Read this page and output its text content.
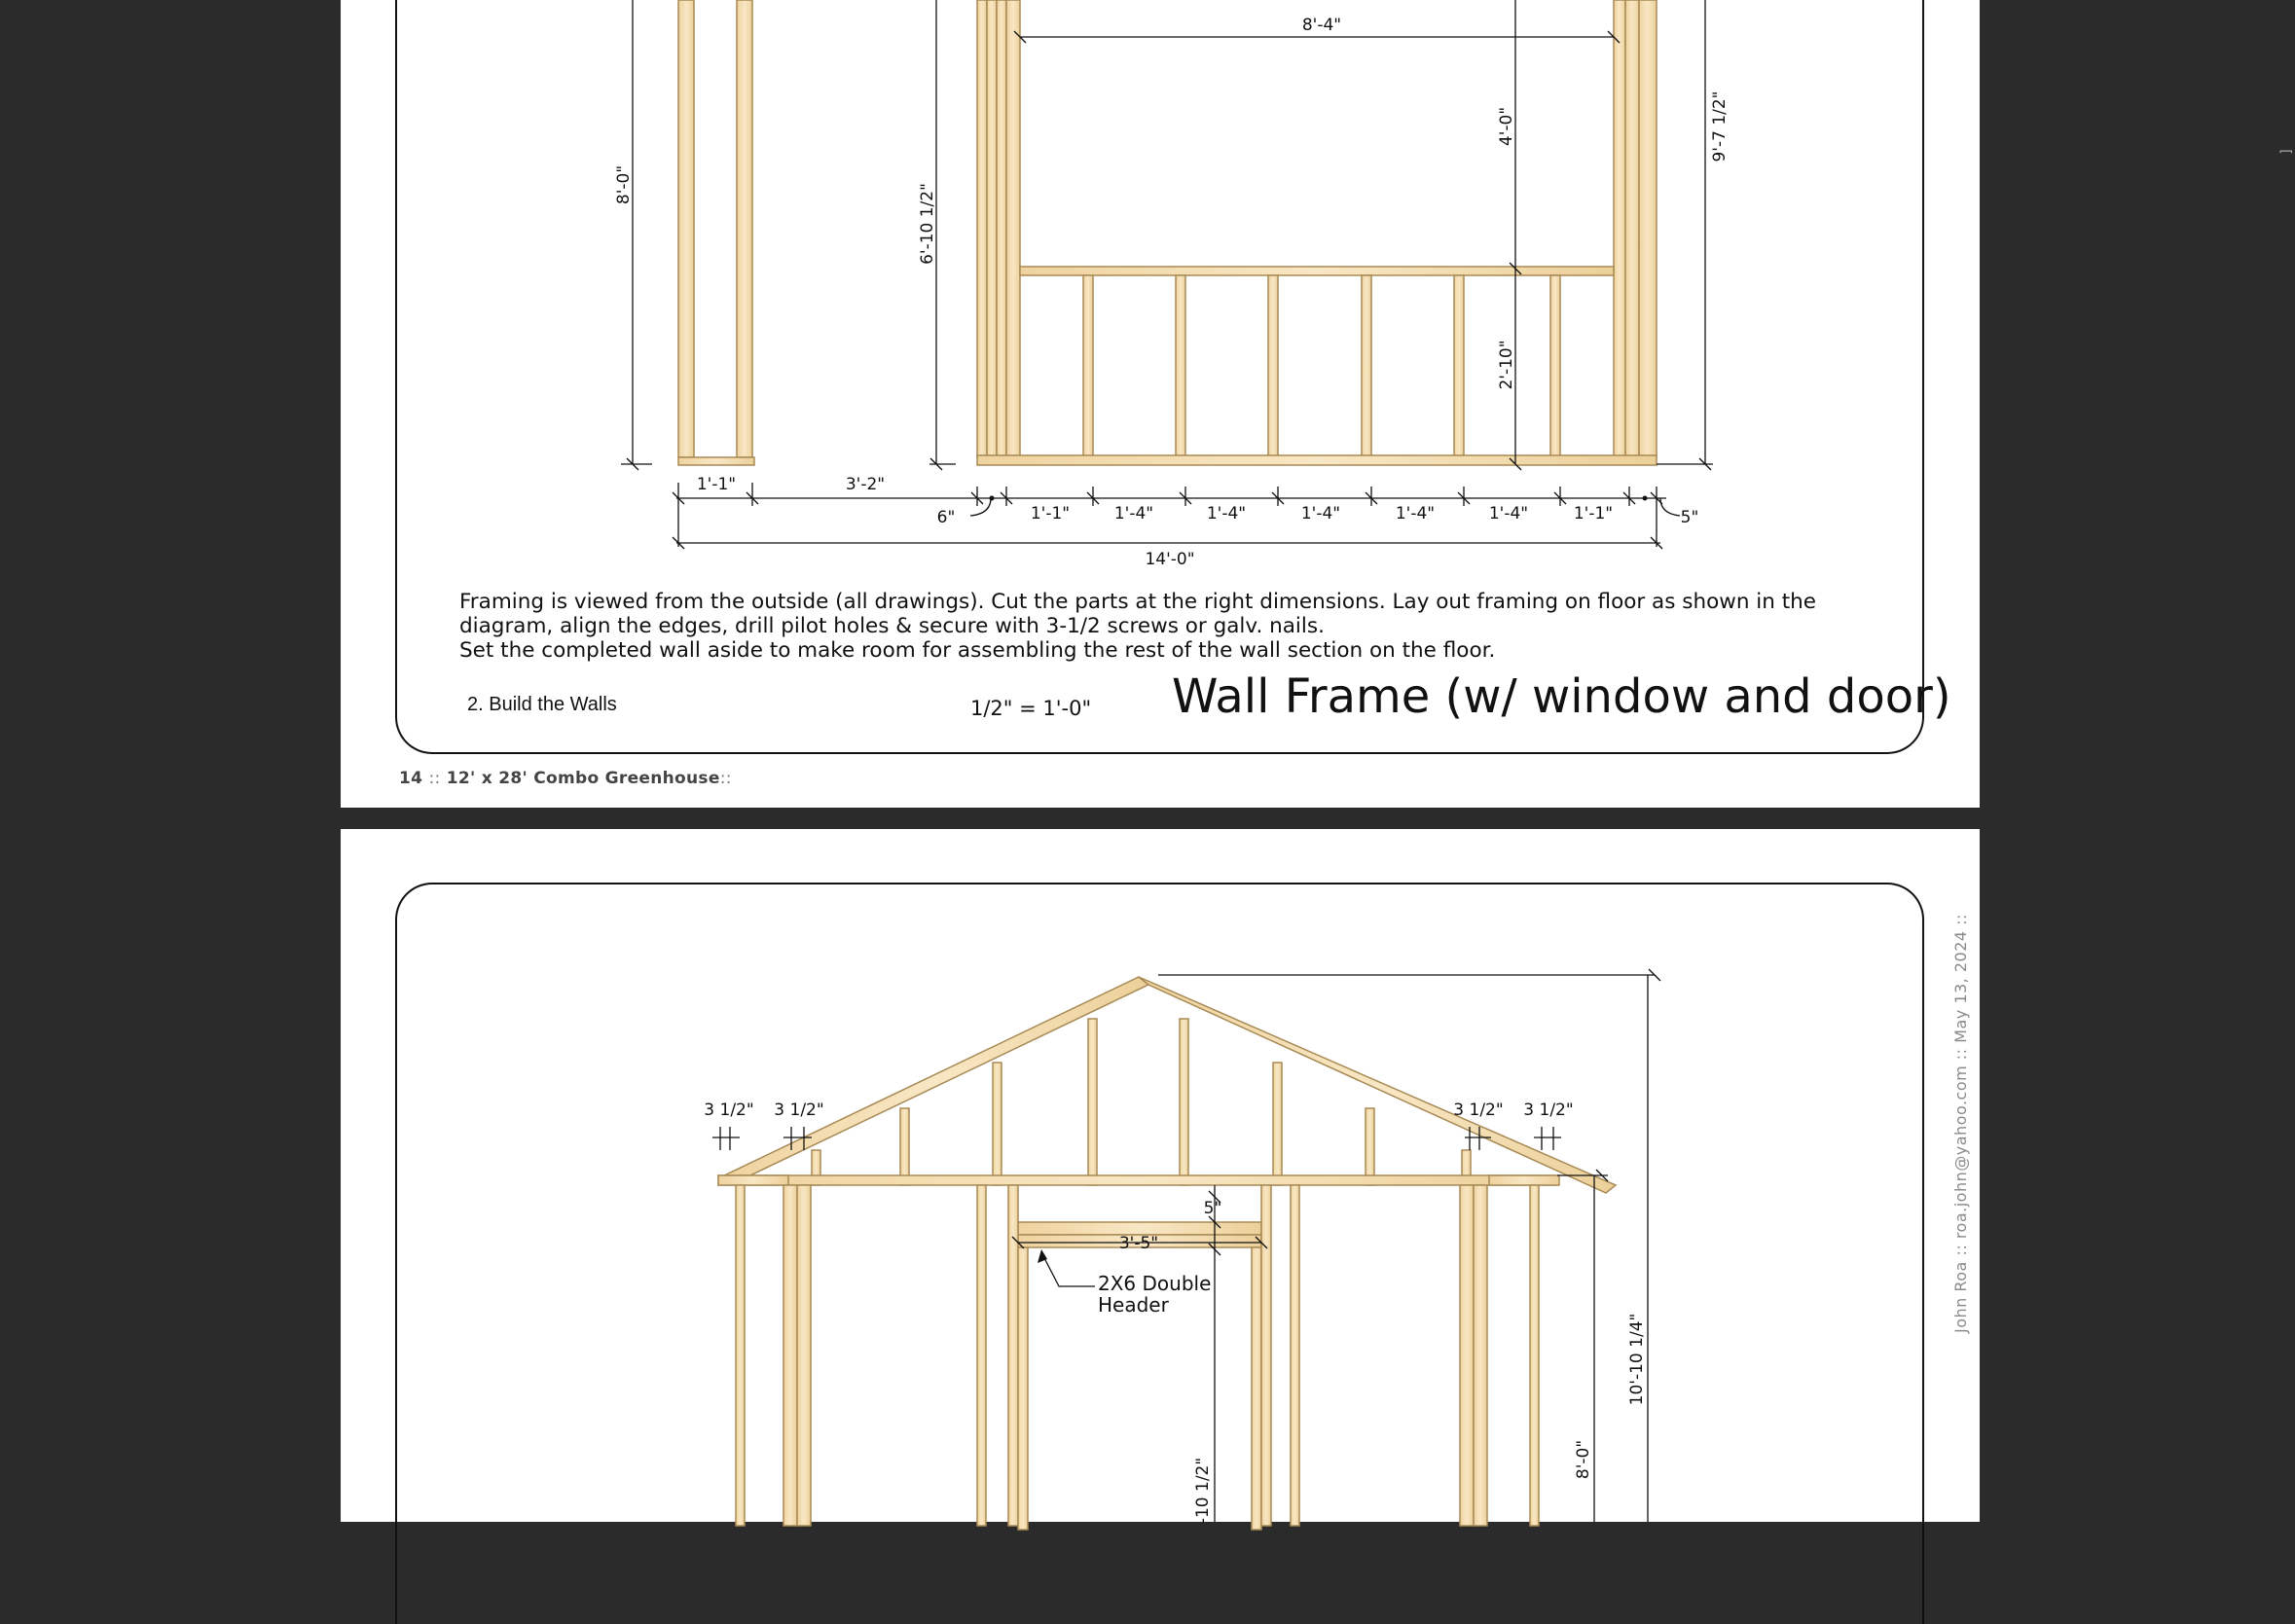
8'-4"
8'-0"	6'-10 1/2"
4'-0"
2'-10"
9'-7 1/2"
1'-1"	3'-2"
6"	1'-1"	1'-4"	1'-4"	1'-4"	1'-4"	1'-4"	1'-1"	5"
14'-0"
Framing is viewed from the outside (all drawings). Cut the parts at the right dimensions. Lay out framing on floor as shown in the
diagram, align the edges, drill pilot holes & secure with 3-1/2 screws or galv. nails.
Set the completed wall aside to make room for assembling the rest of the wall section on the floor.
2. Build the Walls	1/2" = 1'-0" Wall Frame (w/ window and door)
14 :: 12' x 28' Combo Greenhouse::
]
3 1/2" 3 1/2"	3 1/2" 3 1/2"
5"
3'-5"
10'-10 1/4"
8'-0"
-10 1/2"
2X6 Double
Header	John Roa :: roa.john@yahoo.com :: May 13, 2024 ::
